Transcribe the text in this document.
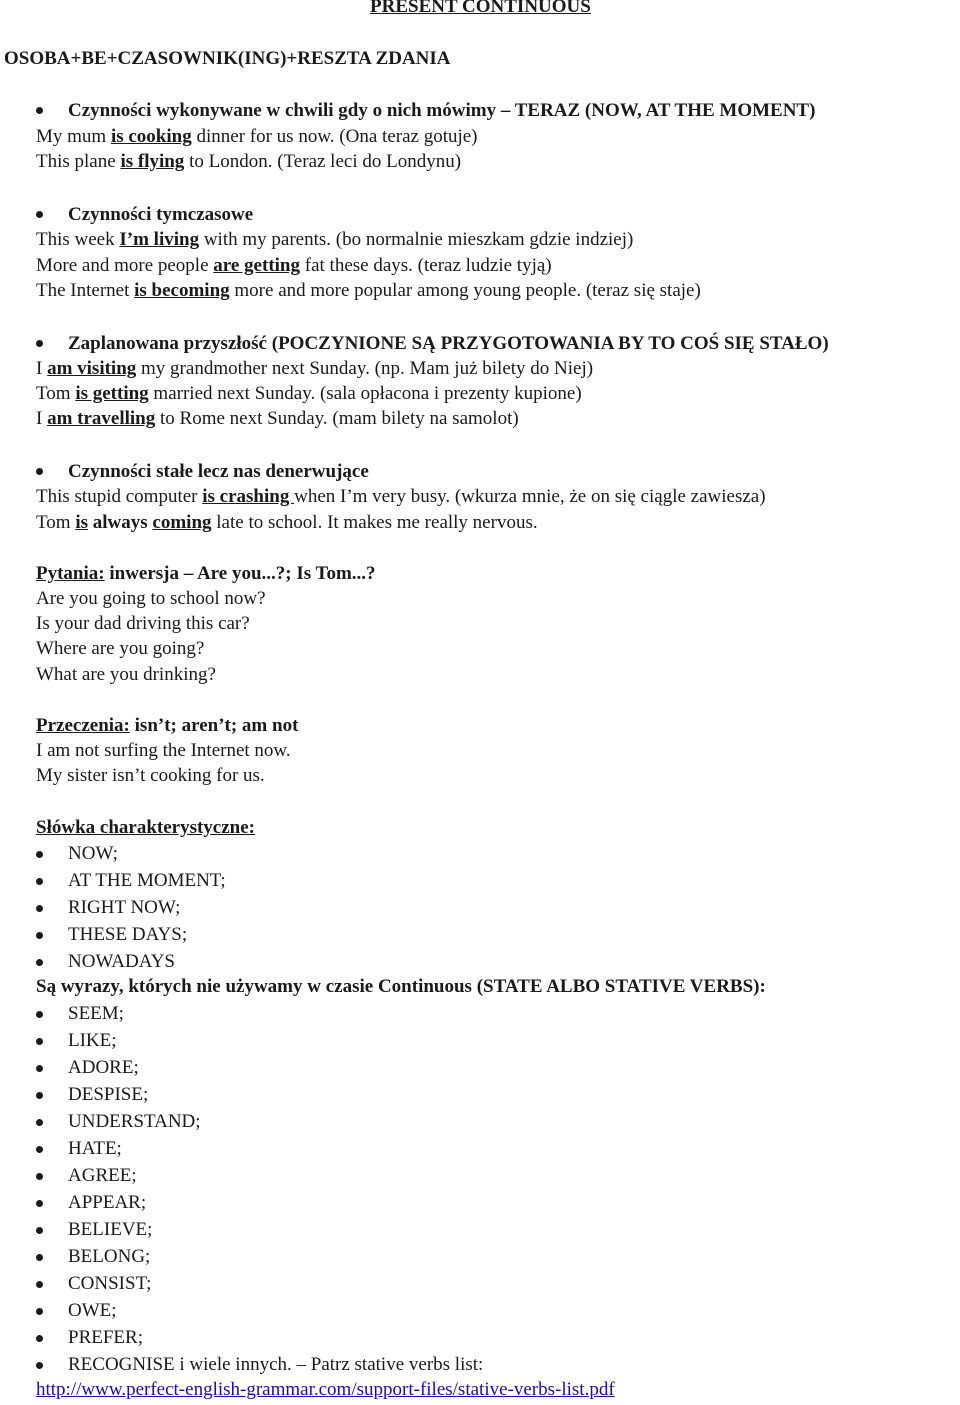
PRESENT CONTINUOUS
OSOBA+BE+CZASOWNIK(ING)+RESZTA ZDANIA
Czynności wykonywane w chwili gdy o nich mówimy – TERAZ (NOW, AT THE MOMENT)
My mum is cooking dinner for us now. (Ona teraz gotuje)
This plane is flying to London. (Teraz leci do Londynu)
Czynności tymczasowe
This week I’m living with my parents. (bo normalnie mieszkam gdzie indziej)
More and more people are getting fat these days. (teraz ludzie tyją)
The Internet is becoming more and more popular among young people. (teraz się staje)
Zaplanowana przyszłość (POCZYNIONE SĄ PRZYGOTOWANIA BY TO COŚ SIĘ STAŁO)
I am visiting my grandmother next Sunday. (np. Mam już bilety do Niej)
Tom is getting married next Sunday. (sala opłacona i prezenty kupione)
I am travelling to Rome next Sunday. (mam bilety na samolot)
Czynności stałe lecz nas denerwujące
This stupid computer is crashing when I’m very busy. (wkurza mnie, że on się ciągle zawiesza)
Tom is always coming late to school. It makes me really nervous.
Pytania: inwersja – Are you...?; Is Tom...?
Are you going to school now?
Is your dad driving this car?
Where are you going?
What are you drinking?
Przeczenia: isn’t; aren’t; am not
I am not surfing the Internet now.
My sister isn’t cooking for us.
Słówka charakterystyczne:
NOW;
AT THE MOMENT;
RIGHT NOW;
THESE DAYS;
NOWADAYS
Są wyrazy, których nie używamy w czasie Continuous (STATE ALBO STATIVE VERBS):
SEEM;
LIKE;
ADORE;
DESPISE;
UNDERSTAND;
HATE;
AGREE;
APPEAR;
BELIEVE;
BELONG;
CONSIST;
OWE;
PREFER;
RECOGNISE i wiele innych. – Patrz stative verbs list:
http://www.perfect-english-grammar.com/support-files/stative-verbs-list.pdf
